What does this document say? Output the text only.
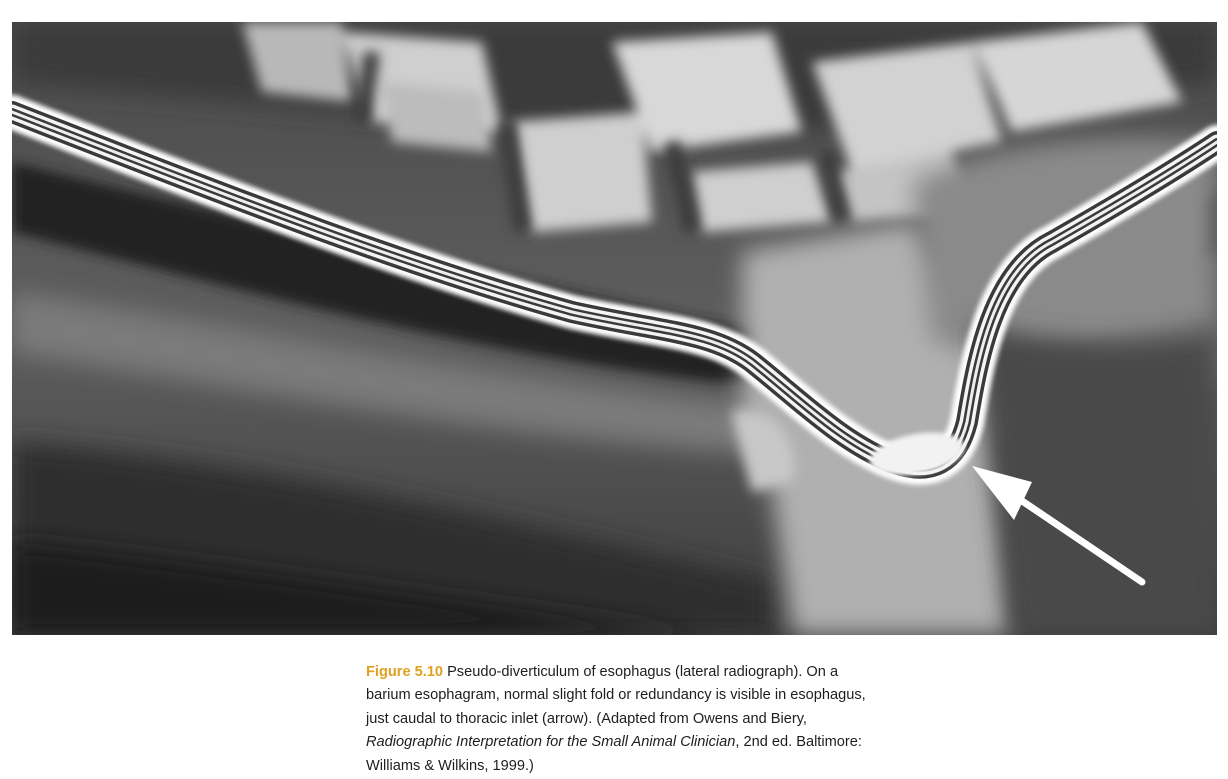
Figure 5.10 Pseudo-diverticulum of esophagus (lateral radiograph). On a barium esophagram, normal slight fold or redundancy is visible in esophagus, just caudal to thoracic inlet (arrow). (Adapted from Owens and Biery, Radiographic Interpretation for the Small Animal Clinician, 2nd ed. Baltimore: Williams & Wilkins, 1999.)
